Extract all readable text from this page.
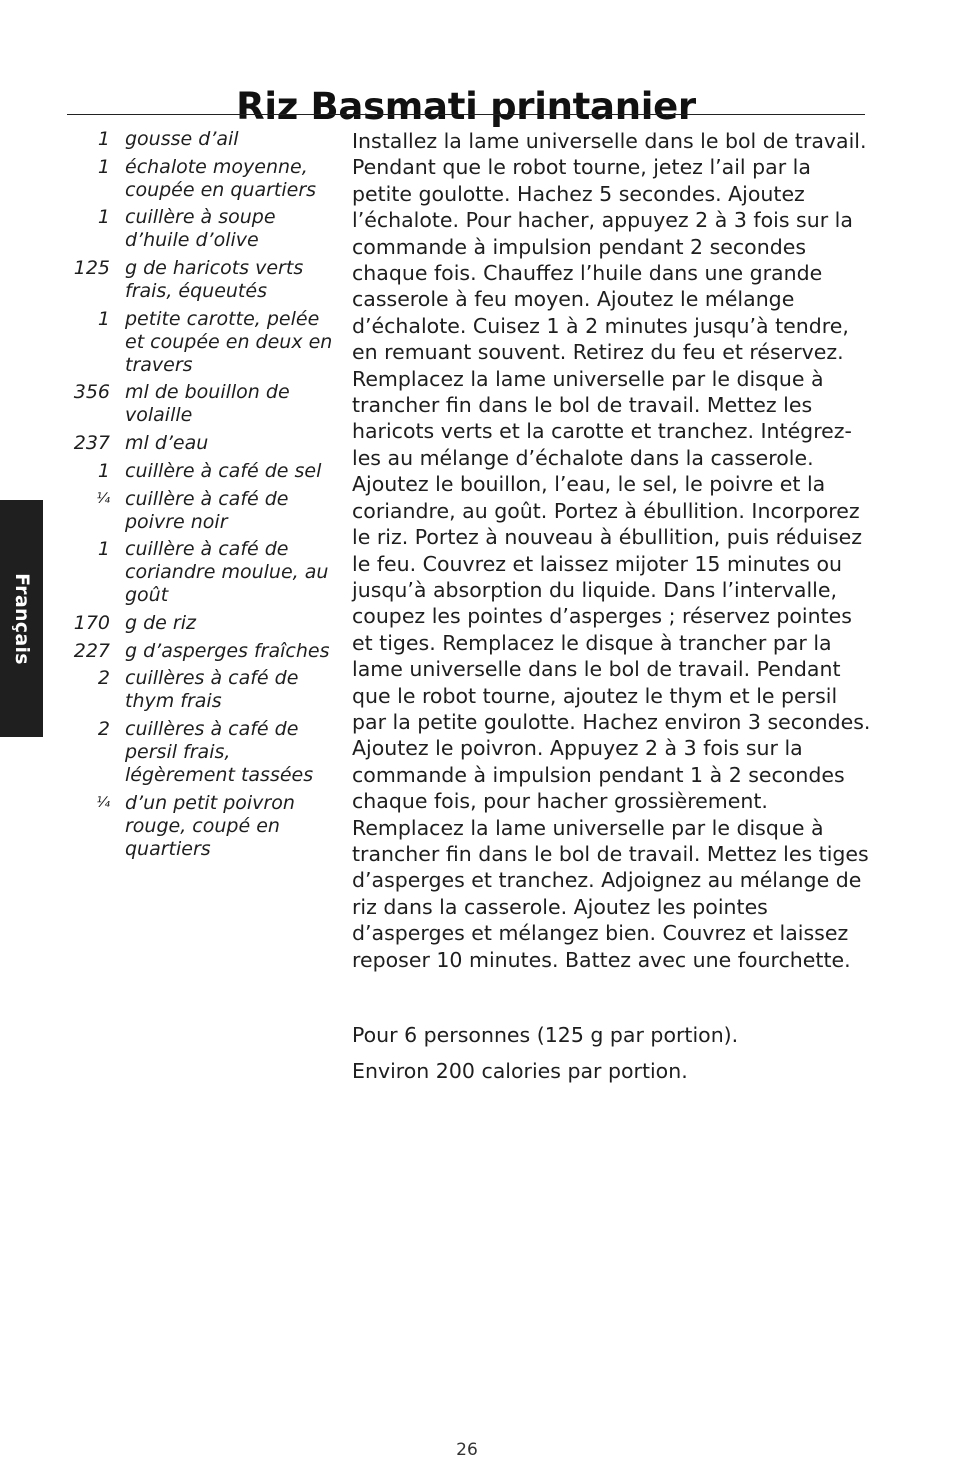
Riz Basmati printanier
1 gousse d’ail
1 échalote moyenne, coupée en quartiers
1 cuillère à soupe d’huile d’olive
125 g de haricots verts frais, équeutés
1 petite carotte, pelée et coupée en deux en travers
356 ml de bouillon de volaille
237 ml d’eau
1 cuillère à café de sel
¼ cuillère à café de poivre noir
1 cuillère à café de coriandre moulue, au goût
170 g de riz
227 g d’asperges fraîches
2 cuillères à café de thym frais
2 cuillères à café de persil frais, légèrement tassées
¼ d’un petit poivron rouge, coupé en quartiers

Installez la lame universelle dans le bol de travail.
Pendant que le robot tourne, jetez l’ail par la
petite goulotte. Hachez 5 secondes. Ajoutez
l’échalote. Pour hacher, appuyez 2 à 3 fois sur la
commande à impulsion pendant 2 secondes
chaque fois. Chauffez l’huile dans une grande
casserole à feu moyen. Ajoutez le mélange
d’échalote. Cuisez 1 à 2 minutes jusqu’à tendre,
en remuant souvent. Retirez du feu et réservez.
Remplacez la lame universelle par le disque à
trancher fin dans le bol de travail. Mettez les
haricots verts et la carotte et tranchez. Intégrez-
les au mélange d’échalote dans la casserole.
Ajoutez le bouillon, l’eau, le sel, le poivre et la
coriandre, au goût. Portez à ébullition. Incorporez
le riz. Portez à nouveau à ébullition, puis réduisez
le feu. Couvrez et laissez mijoter 15 minutes ou
jusqu’à absorption du liquide. Dans l’intervalle,
coupez les pointes d’asperges ; réservez pointes
et tiges. Remplacez le disque à trancher par la
lame universelle dans le bol de travail. Pendant
que le robot tourne, ajoutez le thym et le persil
par la petite goulotte. Hachez environ 3 secondes.
Ajoutez le poivron. Appuyez 2 à 3 fois sur la
commande à impulsion pendant 1 à 2 secondes
chaque fois, pour hacher grossièrement.
Remplacez la lame universelle par le disque à
trancher fin dans le bol de travail. Mettez les tiges
d’asperges et tranchez. Adjoignez au mélange de
riz dans la casserole. Ajoutez les pointes
d’asperges et mélangez bien. Couvrez et laissez
reposer 10 minutes. Battez avec une fourchette.

Pour 6 personnes (125 g par portion).

Environ 200 calories par portion.

Français
26
